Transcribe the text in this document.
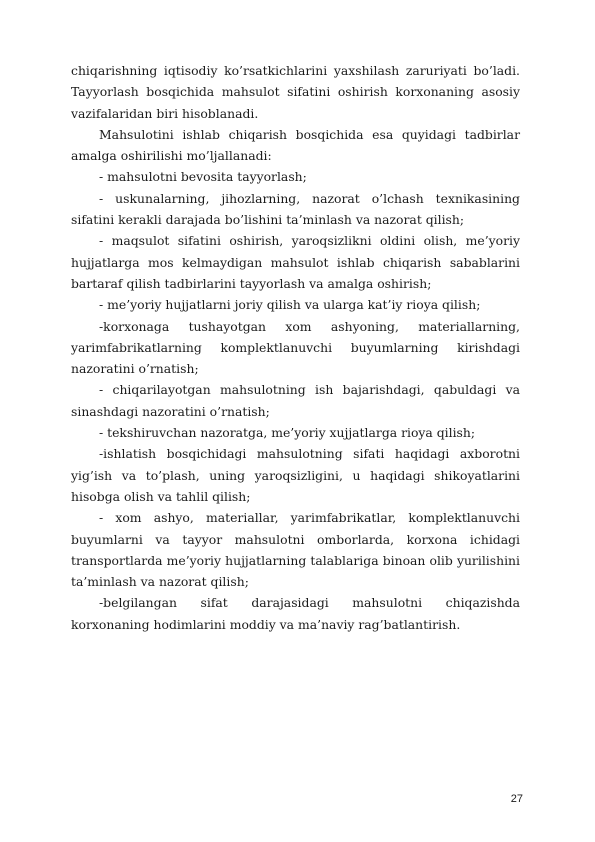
chiqarishning iqtisodiy ko’rsatkichlarini yaxshilash zaruriyati bo’ladi. Tayyorlash bosqichida mahsulot sifatini oshirish korxonaning asosiy vazifalaridan biri hisoblanadi.

Mahsulotini ishlab chiqarish bosqichida esa quyidagi tadbirlar amalga oshirilishi mo’ljallanadi:

- mahsulotni bevosita tayyorlash;

- uskunalarning, jihozlarning, nazorat o’lchash texnikasining sifatini kerakli darajada bo’lishini ta’minlash va nazorat qilish;

- maqsulot sifatini oshirish, yaroqsizlikni oldini olish, me’yoriy hujjatlarga mos kelmaydigan mahsulot ishlab chiqarish sabablarini bartaraf qilish tadbirlarini tayyorlash va amalga oshirish;

- me’yoriy hujjatlarni joriy qilish va ularga kat’iy rioya qilish;

-korxonaga tushayotgan xom ashyoning, materiallarning, yarimfabrikatlarning komplektlanuvchi buyumlarning kirishdagi nazoratini o’rnatish;

- chiqarilayotgan mahsulotning ish bajarishdagi, qabuldagi va sinashdagi nazoratini o’rnatish;

- tekshiruvchan nazoratga, me’yoriy xujjatlarga rioya qilish;

-ishlatish bosqichidagi mahsulotning sifati haqidagi axborotni yig’ish va to’plash, uning yaroqsizligini, u haqidagi shikoyatlarini hisobga olish va tahlil qilish;

- xom ashyo, materiallar, yarimfabrikatlar, komplektlanuvchi buyumlarni va tayyor mahsulotni omborlarda, korxona ichidagi transportlarda me’yoriy hujjatlarning talablariga binoan olib yurilishini ta’minlash va nazorat qilish;

-belgilangan sifat darajasidagi mahsulotni chiqazishda korxonaning hodimlarini moddiy va ma’naviy rag’batlantirish.

27
